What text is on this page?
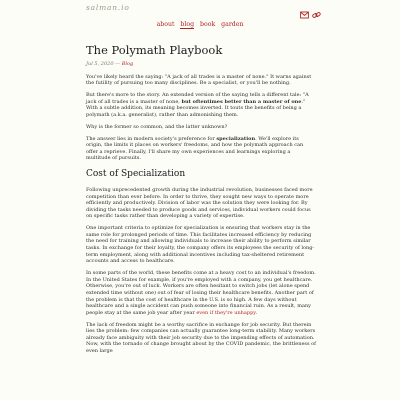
salman.io
about blog book garden
The Polymath Playbook
Jul 5, 2020 — Blog

You've likely heard the saying: "A jack of all trades is a master of none." It warns against the futility of pursuing too many disciplines. Be a specialist, or you'll be nothing.

But there's more to the story. An extended version of the saying tells a different tale: "A jack of all trades is a master of none, but oftentimes better than a master of one." With a subtle addition, its meaning becomes inverted. It touts the benefits of being a polymath (a.k.a. generalist), rather than admonishing them.

Why is the former so common, and the latter unknown?

The answer lies in modern society's preference for specialization. We'll explore its origin, the limits it places on workers' freedoms, and how the polymath approach can offer a reprieve. Finally, I'll share my own experiences and learnings exploring a multitude of pursuits.

Cost of Specialization

Following unprecedented growth during the industrial revolution, businesses faced more competition than ever before. In order to thrive, they sought new ways to operate more efficiently and productively. Division of labor was the solution they were looking for. By dividing the tasks needed to produce goods and services, individual workers could focus on specific tasks rather than developing a variety of expertise.

One important criteria to optimize for specialization is ensuring that workers stay in the same role for prolonged periods of time. This facilitates increased efficiency by reducing the need for training and allowing individuals to increase their ability to perform similar tasks. In exchange for their loyalty, the company offers its employees the security of long-term employment, along with additional incentives including tax-sheltered retirement accounts and access to healthcare.

In some parts of the world, these benefits come at a heavy cost to an individual's freedom. In the United States for example, if you're employed with a company, you get healthcare. Otherwise, you're out of luck. Workers are often hesitant to switch jobs (let alone spend extended time without one) out of fear of losing their healthcare benefits. Another part of the problem is that the cost of healthcare in the U.S. is so high. A few days without healthcare and a single accident can push someone into financial ruin. As a result, many people stay at the same job year after year even if they're unhappy.

The lack of freedom might be a worthy sacrifice in exchange for job security. But therein lies the problem: few companies can actually guarantee long-term stability. Many workers already face ambiguity with their job security due to the impending effects of automation. Now, with the tornado of change brought about by the COVID pandemic, the brittleness of even large
